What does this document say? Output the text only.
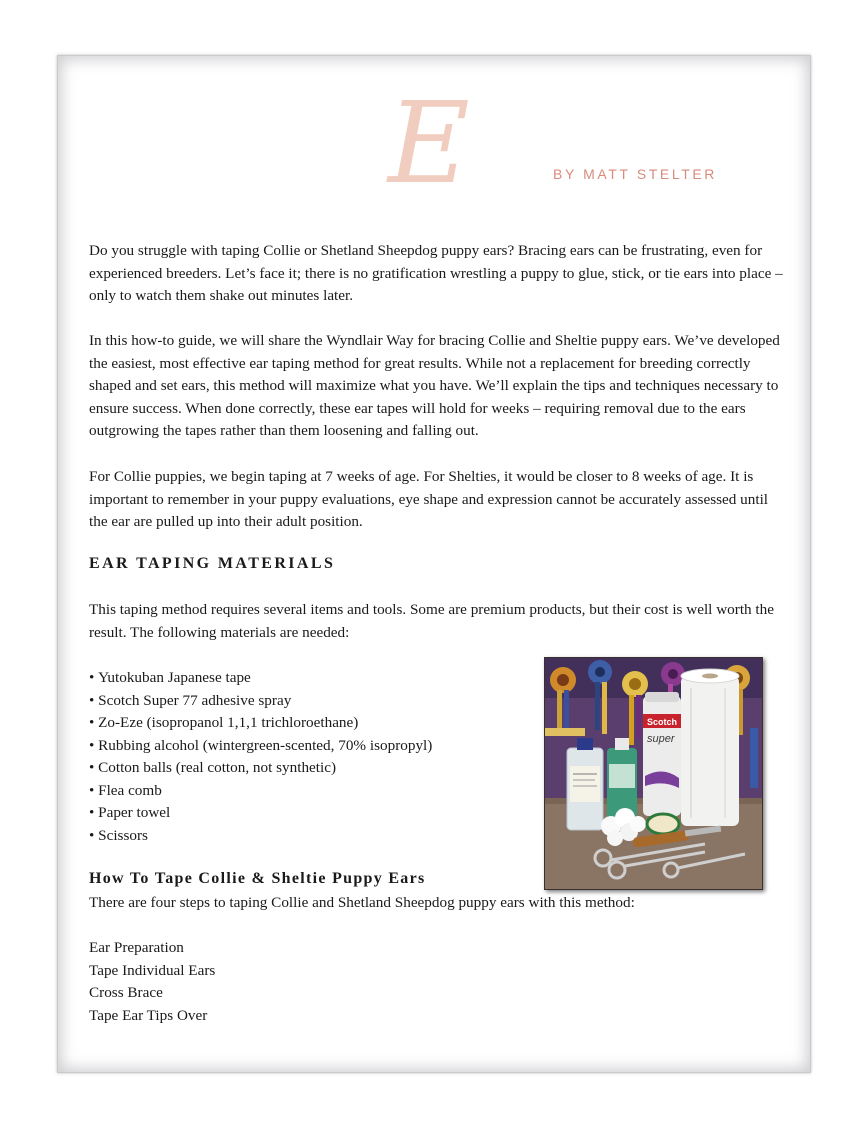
E	BY MATT STELTER

Do you struggle with taping Collie or Shetland Sheepdog puppy ears? Bracing ears can be frustrating, even for experienced breeders. Let’s face it; there is no gratification wrestling a puppy to glue, stick, or tie ears into place – only to watch them shake out minutes later.

In this how-to guide, we will share the Wyndlair Way for bracing Collie and Sheltie puppy ears. We’ve developed the easiest, most effective ear taping method for great results. While not a replacement for breeding correctly shaped and set ears, this method will maximize what you have. We’ll explain the tips and techniques necessary to ensure success. When done correctly, these ear tapes will hold for weeks – requiring removal due to the ears outgrowing the tapes rather than them loosening and falling out.

For Collie puppies, we begin taping at 7 weeks of age. For Shelties, it would be closer to 8 weeks of age. It is important to remember in your puppy evaluations, eye shape and expression cannot be accurately assessed until the ear are pulled up into their adult position.

EAR TAPING MATERIALS

This taping method requires several items and tools. Some are premium products, but their cost is well worth the result. The following materials are needed:

• Yutokuban Japanese tape
• Scotch Super 77 adhesive spray
• Zo-Eze (isopropanol 1,1,1 trichloroethane)
• Rubbing alcohol (wintergreen-scented, 70% isopropyl)
• Cotton balls (real cotton, not synthetic)
• Flea comb
• Paper towel
• Scissors
Scotch
super
How To Tape Collie & Sheltie Puppy Ears

There are four steps to taping Collie and Shetland Sheepdog puppy ears with this method:

Ear Preparation
Tape Individual Ears
Cross Brace
Tape Ear Tips Over
